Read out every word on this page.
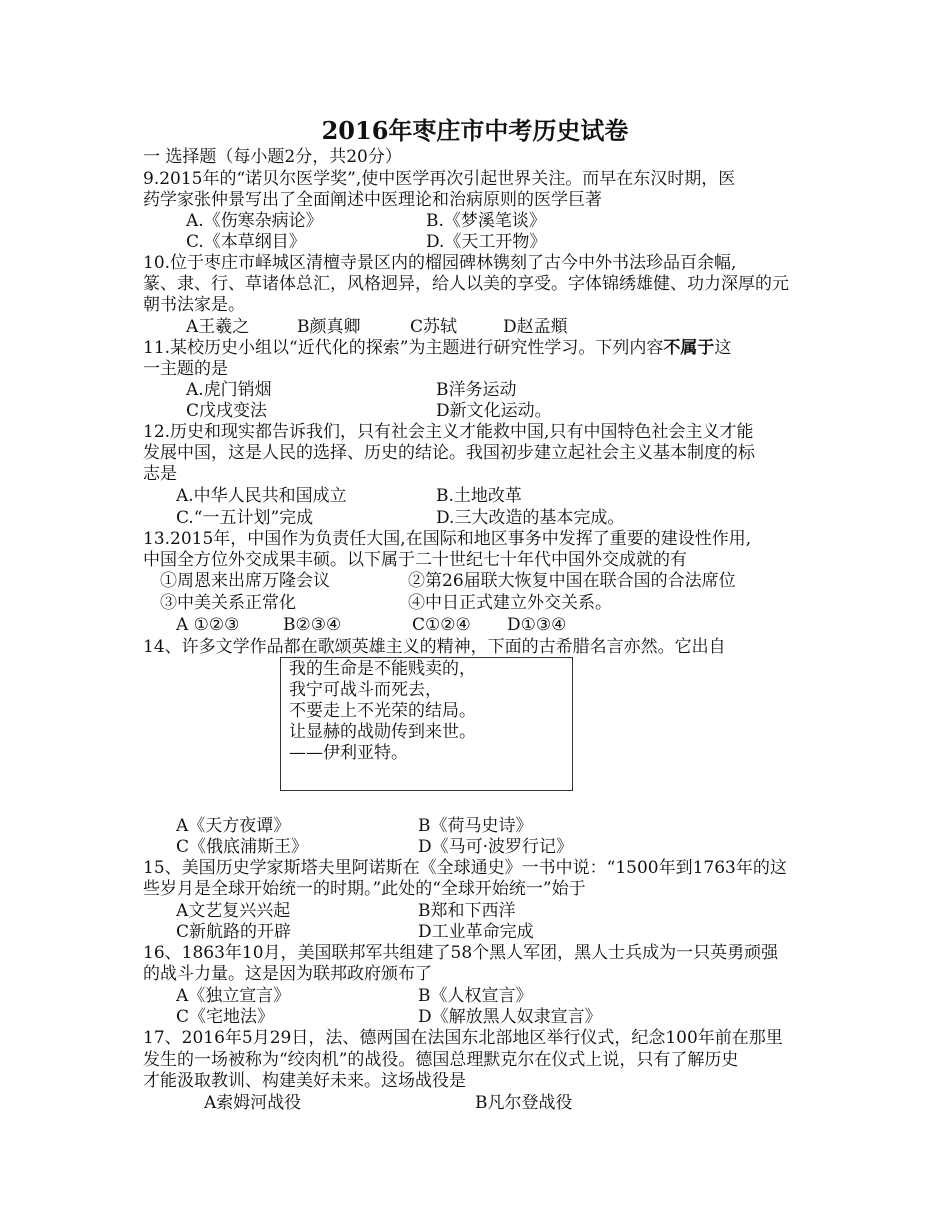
2016年枣庄市中考历史试卷
一 选择题（每小题2分，共20分）
9.2015年的“诺贝尔医学奖”,使中医学再次引起世界关注。而早在东汉时期，医
药学家张仲景写出了全面阐述中医理论和治病原则的医学巨著
A.《伤寒杂病论》	B.《梦溪笔谈》
C.《本草纲目》	D.《天工开物》
10.位于枣庄市峄城区清檀寺景区内的榴园碑林镌刻了古今中外书法珍品百余幅,
篆、隶、行、草诸体总汇，风格迥异，给人以美的享受。字体锦绣雄健、功力深厚的元
朝书法家是。
A王羲之	B颜真卿	C苏轼	D赵孟頫
11.某校历史小组以“近代化的探索”为主题进行研究性学习。下列内容不属于这
一主题的是
A.虎门销烟	B洋务运动
C戊戌变法	D新文化运动。
12.历史和现实都告诉我们，只有社会主义才能救中国,只有中国特色社会主义才能
发展中国，这是人民的选择、历史的结论。我国初步建立起社会主义基本制度的标
志是
A.中华人民共和国成立	B.土地改革
C.“一五计划”完成	D.三大改造的基本完成。
13.2015年，中国作为负责任大国,在国际和地区事务中发挥了重要的建设性作用,
中国全方位外交成果丰硕。以下属于二十世纪七十年代中国外交成就的有
①周恩来出席万隆会议	②第26届联大恢复中国在联合国的合法席位
③中美关系正常化	④中日正式建立外交关系。
A ①②③	B②③④	C①②④ D①③④
14、许多文学作品都在歌颂英雄主义的精神，下面的古希腊名言亦然。它出自
我的生命是不能贱卖的，
我宁可战斗而死去，
不要走上不光荣的结局。
让显赫的战勋传到来世。
——伊利亚特。
A《天方夜谭》	B《荷马史诗》
C《俄底浦斯王》	D《马可·波罗行记》
15、美国历史学家斯塔夫里阿诺斯在《全球通史》一书中说：“1500年到1763年的这
些岁月是全球开始统一的时期。”此处的“全球开始统一”始于
A文艺复兴兴起	B郑和下西洋
C新航路的开辟	D工业革命完成
16、1863年10月，美国联邦军共组建了58个黑人军团，黑人士兵成为一只英勇顽强
的战斗力量。这是因为联邦政府颁布了
A《独立宣言》	B《人权宣言》
C《宅地法》	D《解放黑人奴隶宣言》
17、2016年5月29日，法、德两国在法国东北部地区举行仪式，纪念100年前在那里
发生的一场被称为“绞肉机”的战役。德国总理默克尔在仪式上说，只有了解历史
才能汲取教训、构建美好未来。这场战役是
A索姆河战役	B凡尔登战役
